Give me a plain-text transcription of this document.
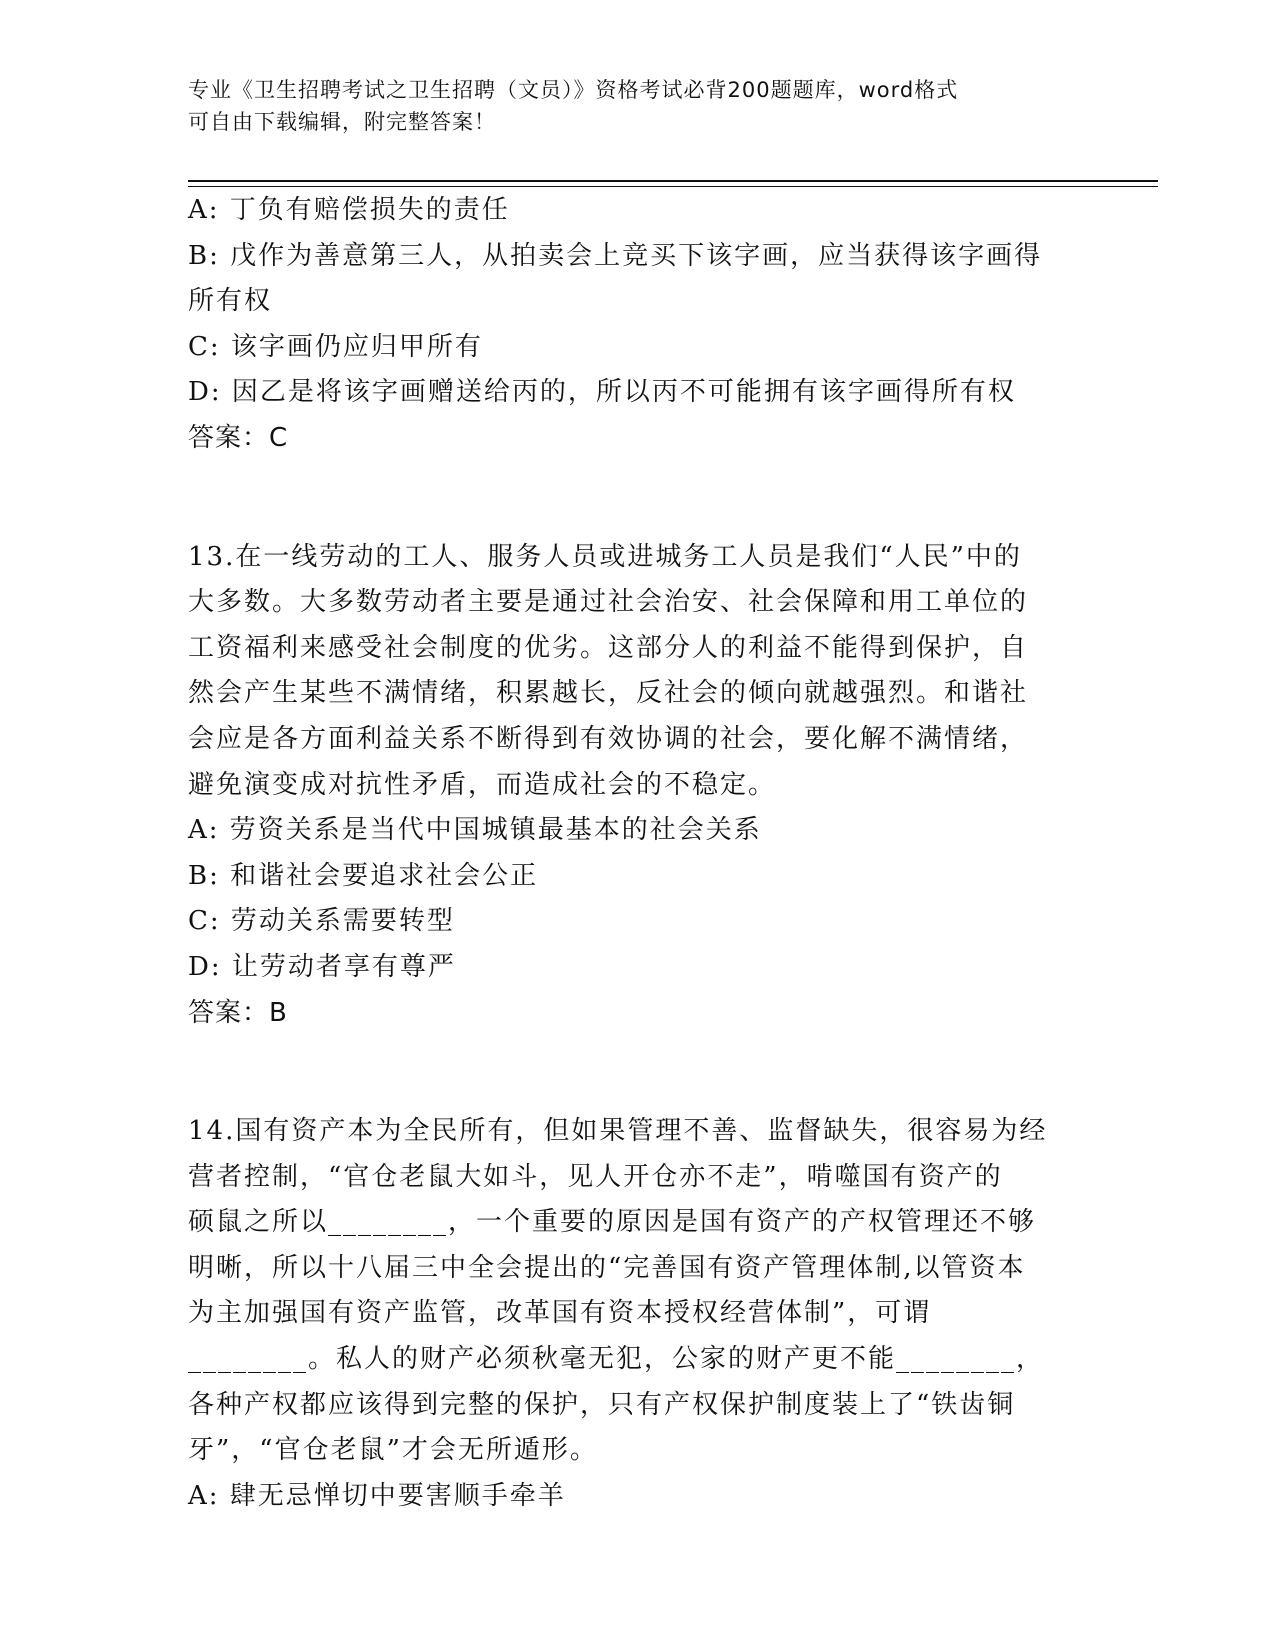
专业《卫生招聘考试之卫生招聘（文员）》资格考试必背200题题库，word格式
可自由下载编辑，附完整答案！
A: 丁负有赔偿损失的责任
B: 戊作为善意第三人，从拍卖会上竞买下该字画，应当获得该字画得
所有权
C: 该字画仍应归甲所有
D: 因乙是将该字画赠送给丙的，所以丙不可能拥有该字画得所有权
答案：C
13.在一线劳动的工人、服务人员或进城务工人员是我们“人民”中的
大多数。大多数劳动者主要是通过社会治安、社会保障和用工单位的
工资福利来感受社会制度的优劣。这部分人的利益不能得到保护，自
然会产生某些不满情绪，积累越长，反社会的倾向就越强烈。和谐社
会应是各方面利益关系不断得到有效协调的社会，要化解不满情绪，
避免演变成对抗性矛盾，而造成社会的不稳定。
A: 劳资关系是当代中国城镇最基本的社会关系
B: 和谐社会要追求社会公正
C: 劳动关系需要转型
D: 让劳动者享有尊严
答案：B
14.国有资产本为全民所有，但如果管理不善、监督缺失，很容易为经
营者控制，“官仓老鼠大如斗，见人开仓亦不走”，啃噬国有资产的
硕鼠之所以________，一个重要的原因是国有资产的产权管理还不够
明晰，所以十八届三中全会提出的“完善国有资产管理体制,以管资本
为主加强国有资产监管，改革国有资本授权经营体制”，可谓
________。私人的财产必须秋毫无犯，公家的财产更不能________，
各种产权都应该得到完整的保护，只有产权保护制度装上了“铁齿铜
牙”，“官仓老鼠”才会无所遁形。
A: 肆无忌惮切中要害顺手牵羊
